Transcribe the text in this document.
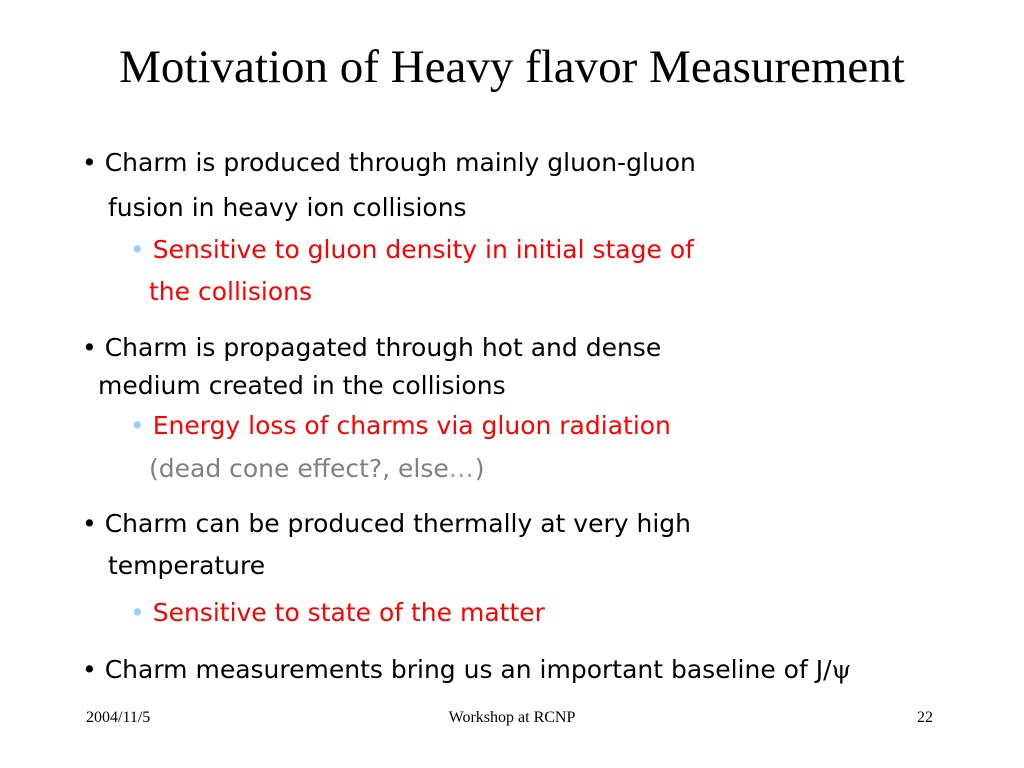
Motivation of Heavy flavor Measurement
• Charm is produced through mainly gluon-gluon
fusion in heavy ion collisions
• Sensitive to gluon density in initial stage of
the collisions
• Charm is propagated through hot and dense
medium created in the collisions
• Energy loss of charms via gluon radiation
(dead cone effect?, else…)
• Charm can be produced thermally at very high
temperature
• Sensitive to state of the matter
• Charm measurements bring us an important baseline of J/ψ
2004/11/5	Workshop at RCNP	22
